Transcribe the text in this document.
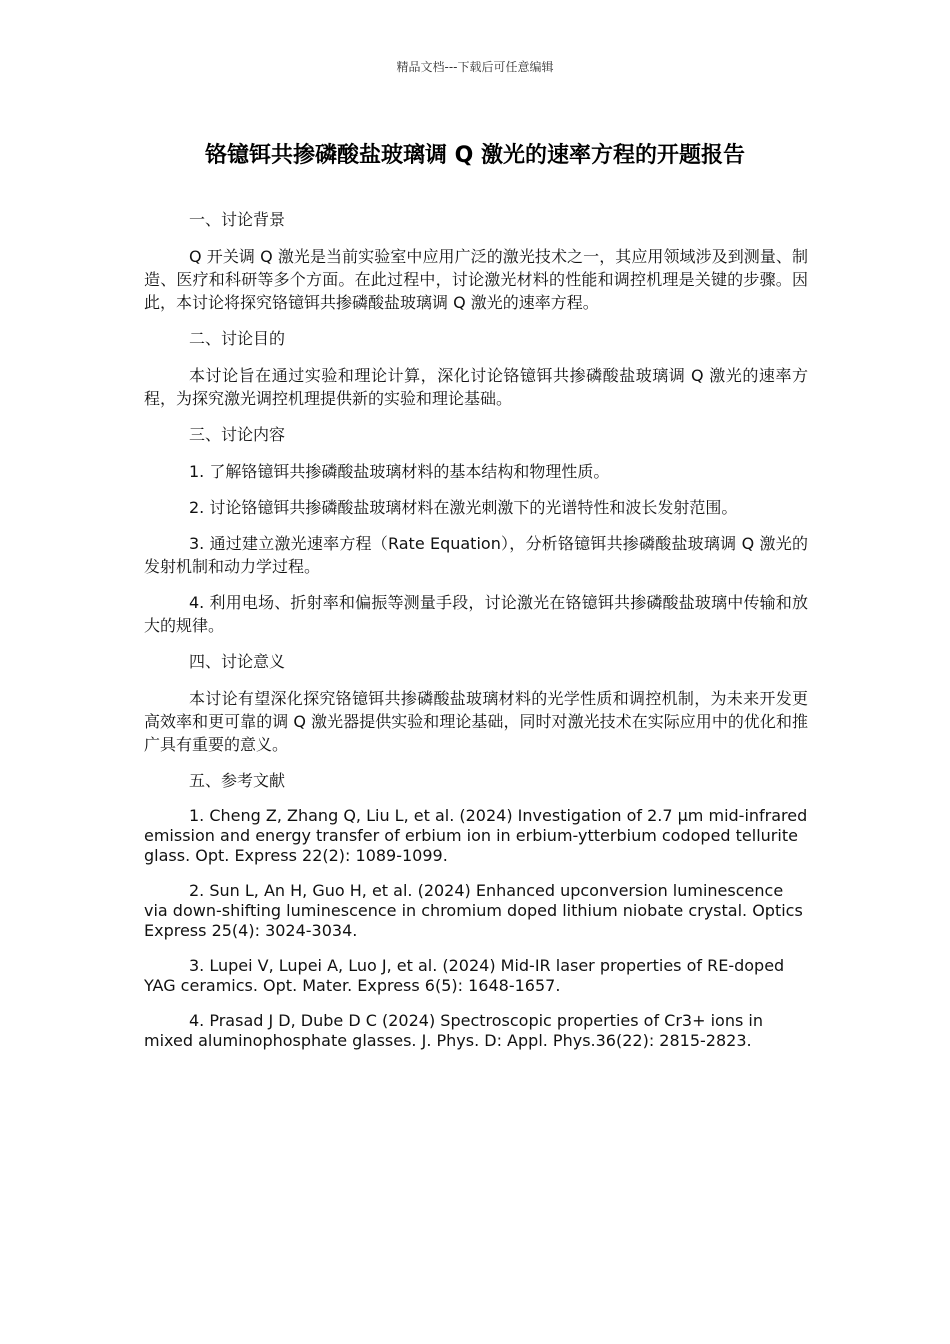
精品文档---下载后可任意编辑
铬镱铒共掺磷酸盐玻璃调 Q 激光的速率方程的开题报告
一、讨论背景
Q 开关调 Q 激光是当前实验室中应用广泛的激光技术之一，其应用领域涉及到测量、制造、医疗和科研等多个方面。在此过程中，讨论激光材料的性能和调控机理是关键的步骤。因此，本讨论将探究铬镱铒共掺磷酸盐玻璃调 Q 激光的速率方程。
二、讨论目的
本讨论旨在通过实验和理论计算，深化讨论铬镱铒共掺磷酸盐玻璃调 Q 激光的速率方程，为探究激光调控机理提供新的实验和理论基础。
三、讨论内容
1. 了解铬镱铒共掺磷酸盐玻璃材料的基本结构和物理性质。
2. 讨论铬镱铒共掺磷酸盐玻璃材料在激光刺激下的光谱特性和波长发射范围。
3. 通过建立激光速率方程（Rate Equation），分析铬镱铒共掺磷酸盐玻璃调 Q 激光的发射机制和动力学过程。
4. 利用电场、折射率和偏振等测量手段，讨论激光在铬镱铒共掺磷酸盐玻璃中传输和放大的规律。
四、讨论意义
本讨论有望深化探究铬镱铒共掺磷酸盐玻璃材料的光学性质和调控机制，为未来开发更高效率和更可靠的调 Q 激光器提供实验和理论基础，同时对激光技术在实际应用中的优化和推广具有重要的意义。
五、参考文献
1. Cheng Z, Zhang Q, Liu L, et al. (2024) Investigation of 2.7 μm mid-infrared emission and energy transfer of erbium ion in erbium-ytterbium codoped tellurite glass. Opt. Express 22(2): 1089-1099.
2. Sun L, An H, Guo H, et al. (2024) Enhanced upconversion luminescence via down-shifting luminescence in chromium doped lithium niobate crystal. Optics Express 25(4): 3024-3034.
3. Lupei V, Lupei A, Luo J, et al. (2024) Mid-IR laser properties of RE-doped YAG ceramics. Opt. Mater. Express 6(5): 1648-1657.
4. Prasad J D, Dube D C (2024) Spectroscopic properties of Cr3+ ions in mixed aluminophosphate glasses. J. Phys. D: Appl. Phys.36(22): 2815-2823.
